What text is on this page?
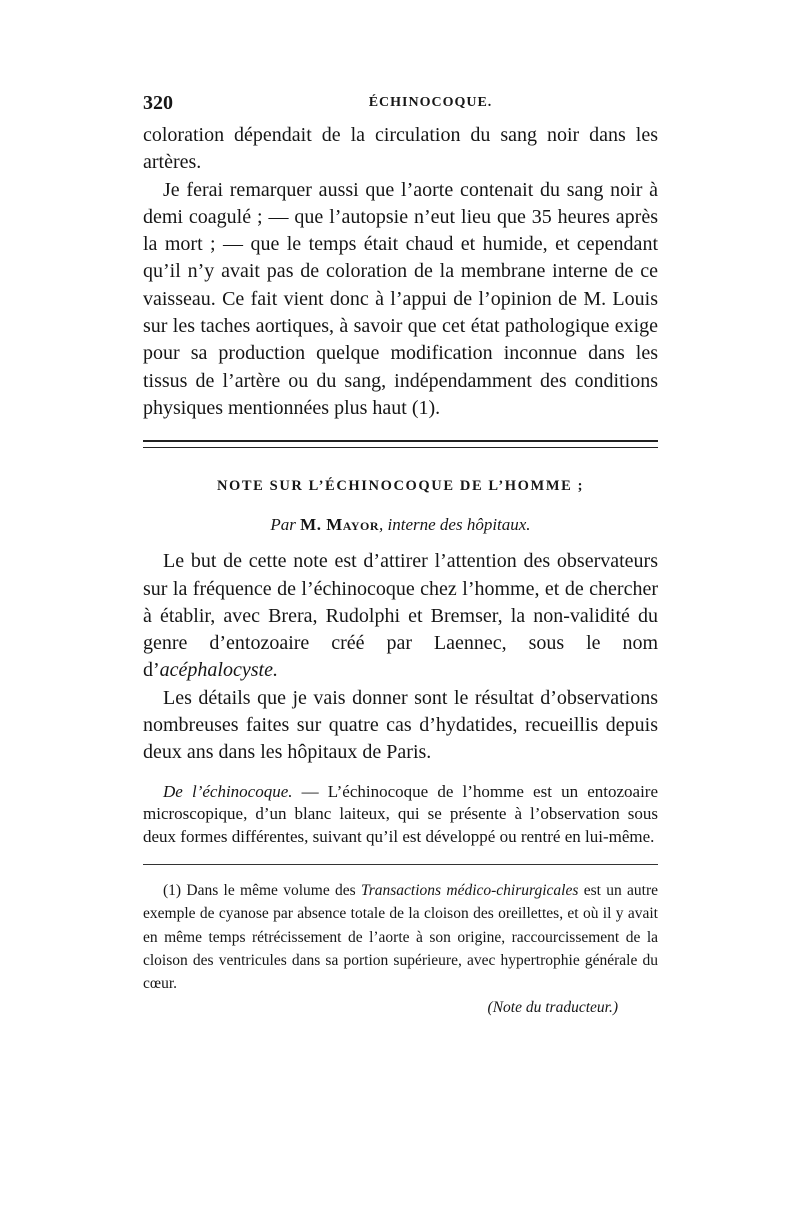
320	ÉCHINOCOQUE.

coloration dépendait de la circulation du sang noir dans les artères.

Je ferai remarquer aussi que l’aorte contenait du sang noir à demi coagulé ; — que l’autopsie n’eut lieu que 35 heures après la mort ; — que le temps était chaud et humide, et cependant qu’il n’y avait pas de coloration de la membrane interne de ce vaisseau. Ce fait vient donc à l’appui de l’opinion de M. Louis sur les taches aortiques, à savoir que cet état pathologique exige pour sa production quelque modification inconnue dans les tissus de l’artère ou du sang, indépendamment des conditions physiques mentionnées plus haut (1).

NOTE SUR L’ÉCHINOCOQUE DE L’HOMME ;
Par M. Mayor, interne des hôpitaux.

Le but de cette note est d’attirer l’attention des observateurs sur la fréquence de l’échinocoque chez l’homme, et de chercher à établir, avec Brera, Rudolphi et Bremser, la non-validité du genre d’entozoaire créé par Laennec, sous le nom d’acéphalocyste.

Les détails que je vais donner sont le résultat d’observations nombreuses faites sur quatre cas d’hydatides, recueillis depuis deux ans dans les hôpitaux de Paris.

De l’échinocoque. — L’échinocoque de l’homme est un entozoaire microscopique, d’un blanc laiteux, qui se présente à l’observation sous deux formes différentes, suivant qu’il est développé ou rentré en lui-même.

(1) Dans le même volume des Transactions médico-chirurgicales est un autre exemple de cyanose par absence totale de la cloison des oreillettes, et où il y avait en même temps rétrécissement de l’aorte à son origine, raccourcissement de la cloison des ventricules dans sa portion supérieure, avec hypertrophie générale du cœur.

(Note du traducteur.)
